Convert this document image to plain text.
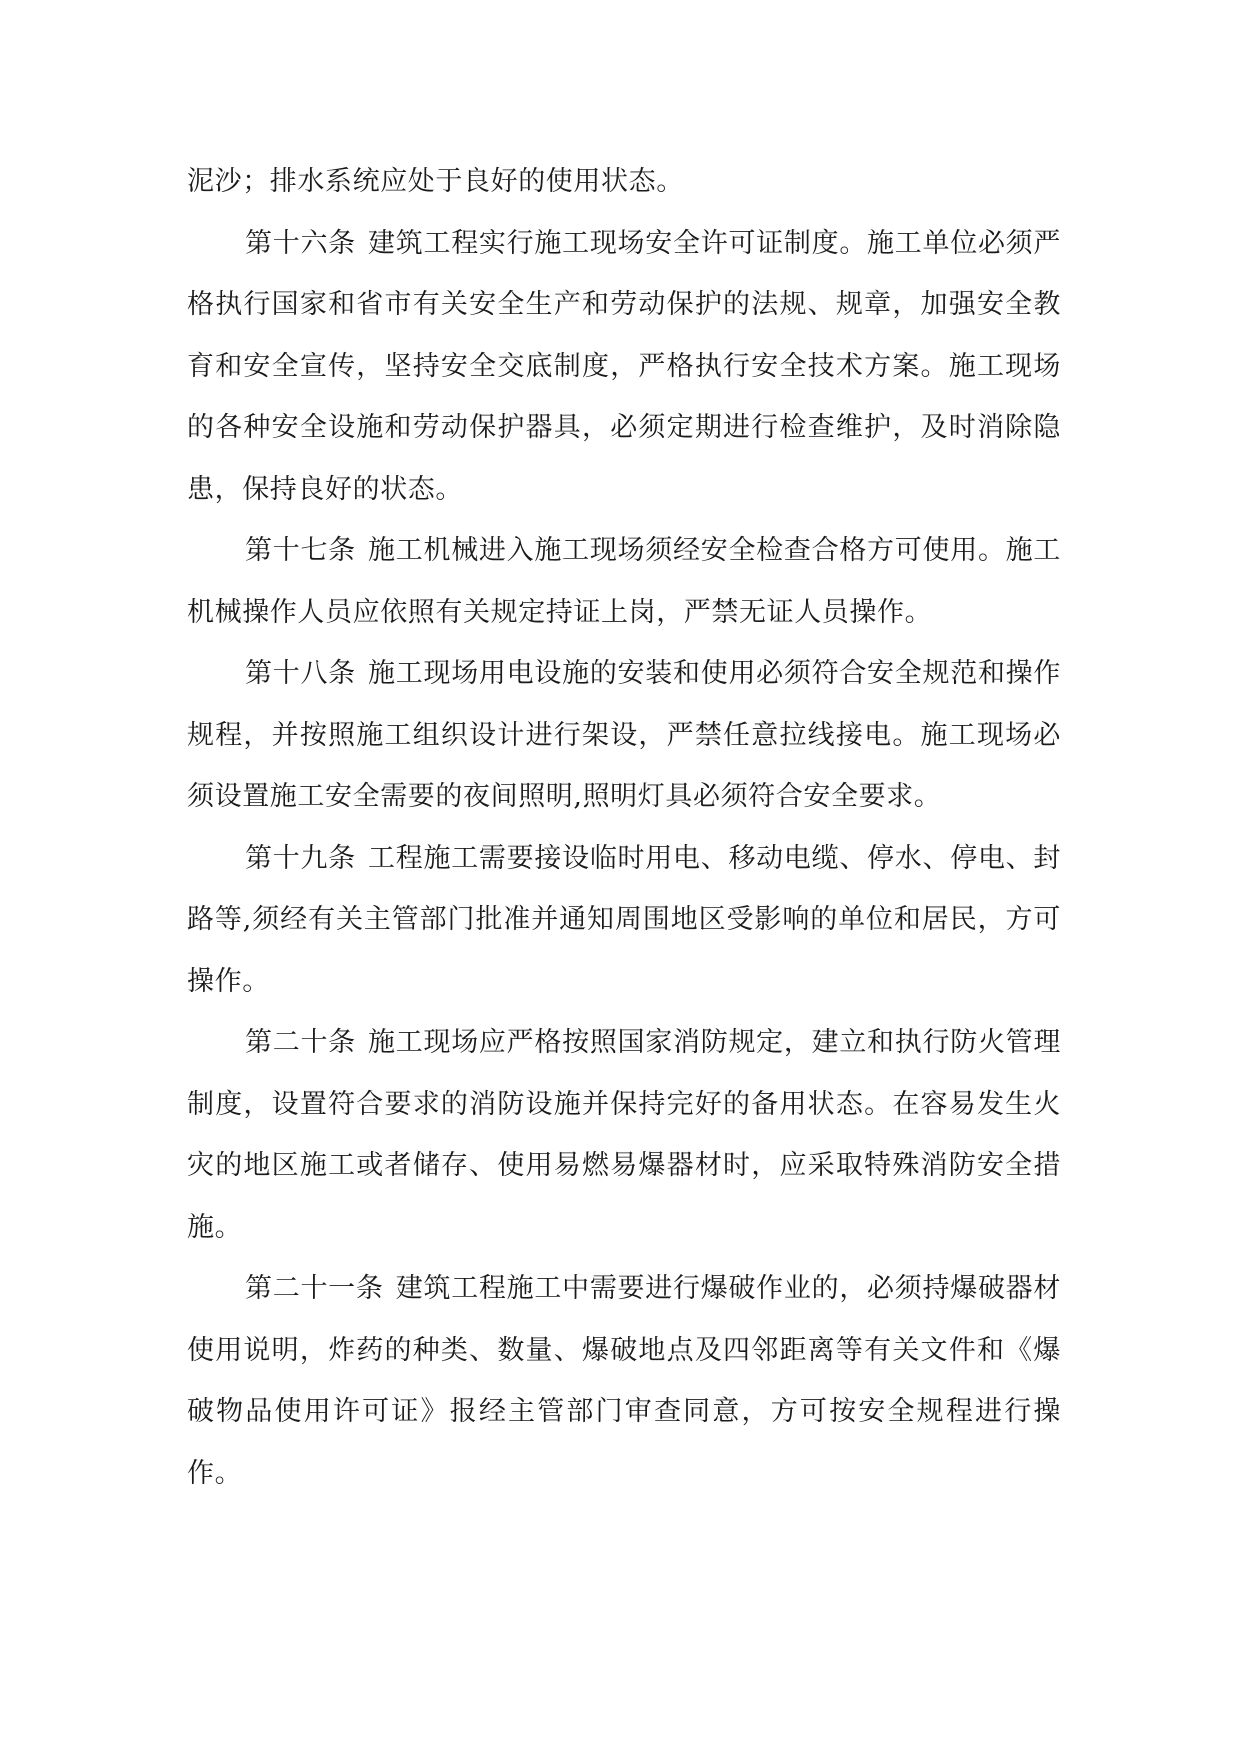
泥沙；排水系统应处于良好的使用状态。

第十六条 建筑工程实行施工现场安全许可证制度。施工单位必须严格执行国家和省市有关安全生产和劳动保护的法规、规章，加强安全教育和安全宣传，坚持安全交底制度，严格执行安全技术方案。施工现场的各种安全设施和劳动保护器具，必须定期进行检查维护，及时消除隐患，保持良好的状态。

第十七条 施工机械进入施工现场须经安全检查合格方可使用。施工机械操作人员应依照有关规定持证上岗，严禁无证人员操作。

第十八条 施工现场用电设施的安装和使用必须符合安全规范和操作规程，并按照施工组织设计进行架设，严禁任意拉线接电。施工现场必须设置施工安全需要的夜间照明,照明灯具必须符合安全要求。

第十九条 工程施工需要接设临时用电、移动电缆、停水、停电、封路等,须经有关主管部门批准并通知周围地区受影响的单位和居民，方可操作。

第二十条 施工现场应严格按照国家消防规定，建立和执行防火管理制度，设置符合要求的消防设施并保持完好的备用状态。在容易发生火灾的地区施工或者储存、使用易燃易爆器材时，应采取特殊消防安全措施。

第二十一条 建筑工程施工中需要进行爆破作业的，必须持爆破器材使用说明，炸药的种类、数量、爆破地点及四邻距离等有关文件和《爆破物品使用许可证》报经主管部门审查同意，方可按安全规程进行操作。
